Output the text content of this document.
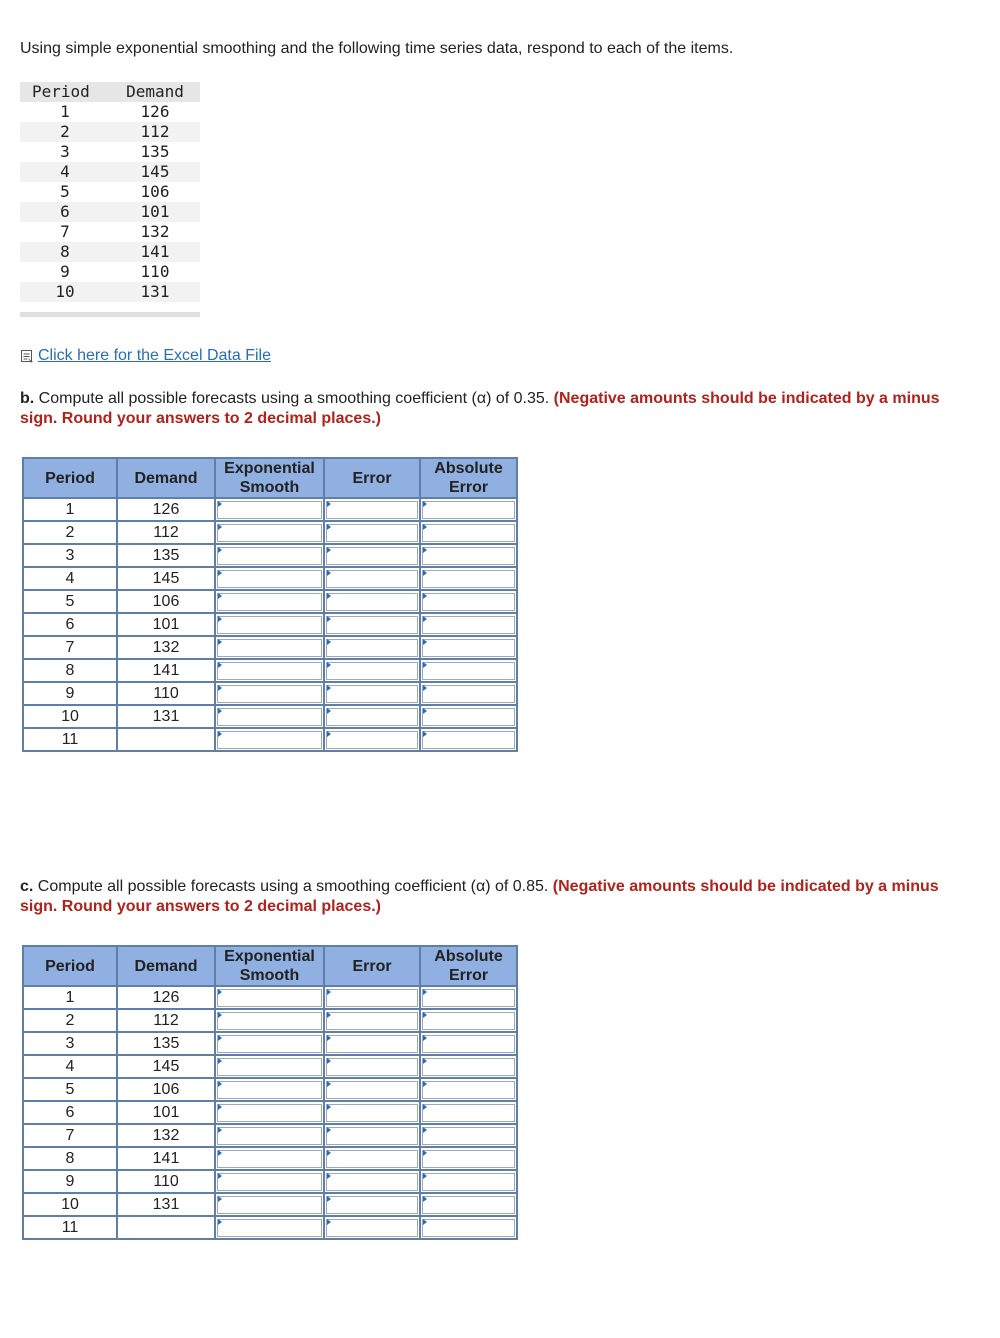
Using simple exponential smoothing and the following time series data, respond to each of the items.
Period	Demand
1	126
2	112
3	135
4	145
5	106
6	101
7	132
8	141
9	110
10	131
Click here for the Excel Data File
b. Compute all possible forecasts using a smoothing coefficient (α) of 0.35. (Negative amounts should be indicated by a minus sign. Round your answers to 2 decimal places.)
Period	Demand	Exponential Smooth	Error	Absolute Error
1	126	

2	112	

3	135	

4	145	

5	106	

6	101	

7	132	

8	141	

9	110	

10	131	

11		

c. Compute all possible forecasts using a smoothing coefficient (α) of 0.85. (Negative amounts should be indicated by a minus sign. Round your answers to 2 decimal places.)
Period	Demand	Exponential Smooth	Error	Absolute Error
1	126	

2	112	

3	135	

4	145	

5	106	

6	101	

7	132	

8	141	

9	110	

10	131	

11		
